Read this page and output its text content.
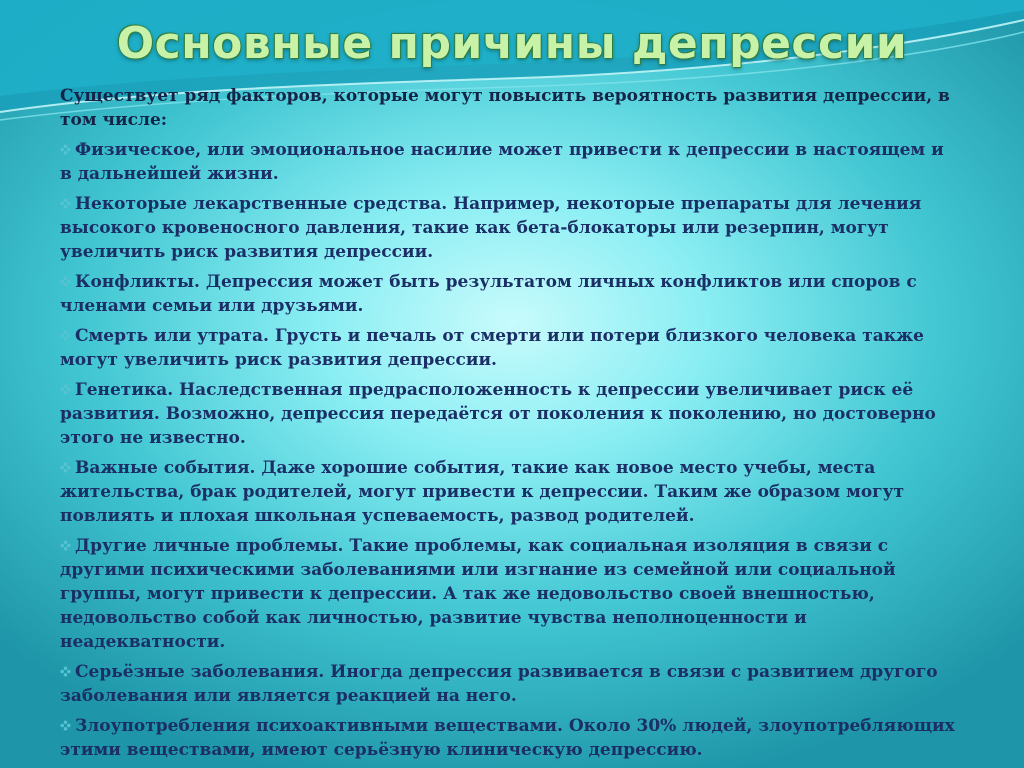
Основные причины депрессии

Существует ряд факторов, которые могут повысить вероятность развития депрессии, в том числе:

Физическое, или эмоциональное насилие может привести к депрессии в настоящем и в дальнейшей жизни.

Некоторые лекарственные средства. Например, некоторые препараты для лечения высокого кровеносного давления, такие как бета-блокаторы или резерпин, могут увеличить риск развития депрессии.

Конфликты. Депрессия может быть результатом личных конфликтов или споров с членами семьи или друзьями.

Смерть или утрата. Грусть и печаль от смерти или потери близкого человека также могут увеличить риск развития депрессии.

Генетика. Наследственная предрасположенность к депрессии увеличивает риск её развития. Возможно, депрессия передаётся от поколения к поколению, но достоверно этого не известно.

Важные события. Даже хорошие события, такие как новое место учебы, места жительства, брак родителей, могут привести к депрессии. Таким же образом могут повлиять и плохая школьная успеваемость, развод родителей.

Другие личные проблемы. Такие проблемы, как социальная изоляция в связи с другими психическими заболеваниями или изгнание из семейной или социальной группы, могут привести к депрессии. А так же недовольство своей внешностью, недовольство собой как личностью, развитие чувства неполноценности и неадекватности.

Серьёзные заболевания. Иногда депрессия развивается в связи с развитием другого заболевания или является реакцией на него.

Злоупотребления психоактивными веществами. Около 30% людей, злоупотребляющих этими веществами, имеют серьёзную клиническую депрессию.
